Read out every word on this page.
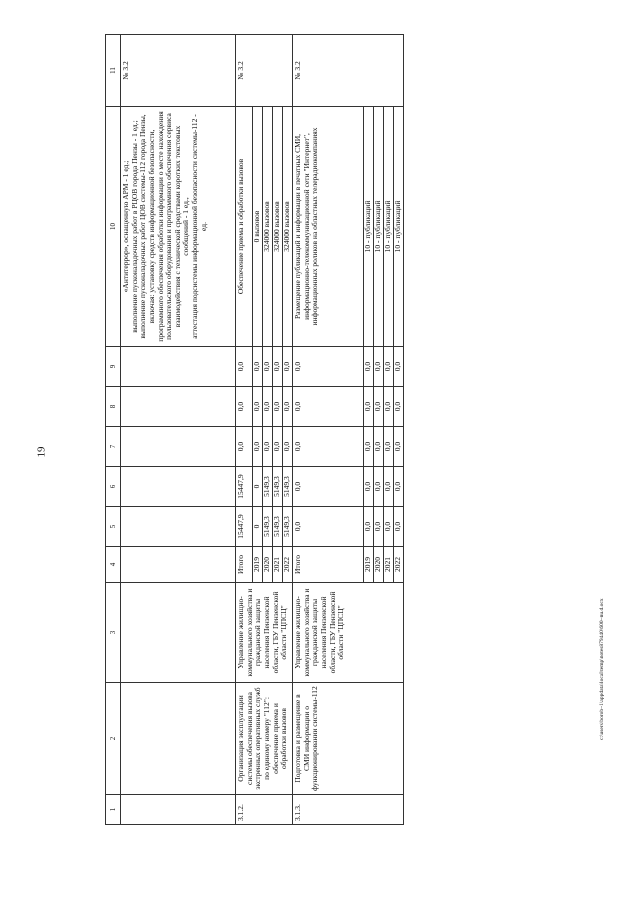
19
1	2	3	4	5	6	7	8	9	10	11
									«Антитеррор», оснащенную АРМ - 1 ед.;
выполнение пусконаладочных работ в РЦОВ города Пензы - 1 ед.;
выполнение пусконаладочных работ ЦОВ системы-112 города Пензы, включая: установку средств информационной безопасности, программного обеспечения обработки информации о месте нахождения пользовательского оборудования и программного обеспечения сервиса взаимодействия с технической средствами коротких текстовых сообщений - 1 ед.,
аттестация подсистемы информационной безопасности системы-112 - ед.	№ 3.2
3.1.2.	Организация эксплуатации системы обеспечения вызова экстренных оперативных служб по единому номеру "112": обеспечение приема и обработки вызовов	Управление жилищно-коммунального хозяйства и гражданской защиты населения Пензенской области, ГБУ Пензенской области "ЦПСЦ"	Итого	15447,9	15447,9	0,0	0,0	0,0	Обеспечение приема и обработки вызовов	№ 3.2
			2019	0	0	0,0	0,0	0,0	0 вызовов	
			2020	5149,3	5149,3	0,0	0,0	0,0	324000 вызовов	
			2021	5149,3	5149,3	0,0	0,0	0,0	324000 вызовов	
			2022	5149,3	5149,3	0,0	0,0	0,0	324000 вызовов	
3.1.3.	Подготовка и размещение в СМИ информации о функционировании системы-112	Управление жилищно-коммунального хозяйства и гражданской защиты населения Пензенской области, ГБУ Пензенской области "ЦПСЦ"	Итого	0,0	0,0	0,0	0,0	0,0	Размещение публикаций и информации в печатных СМИ, информационно-телекоммуникационной сети "Интернет", информационных роликов на областных телерадиокомпаниях	№ 3.2
			2019	0,0	0,0	0,0	0,0	0,0	10 - публикаций	
			2020	0,0	0,0	0,0	0,0	0,0	10 - публикаций	
			2021	0,0	0,0	0,0	0,0	0,0	10 - публикаций	
			2022	0,0	0,0	0,0	0,0	0,0	10 - публикаций	
c:\users\borob~1\appdata\local\temp\notes879440\600~nu.d.ocx
